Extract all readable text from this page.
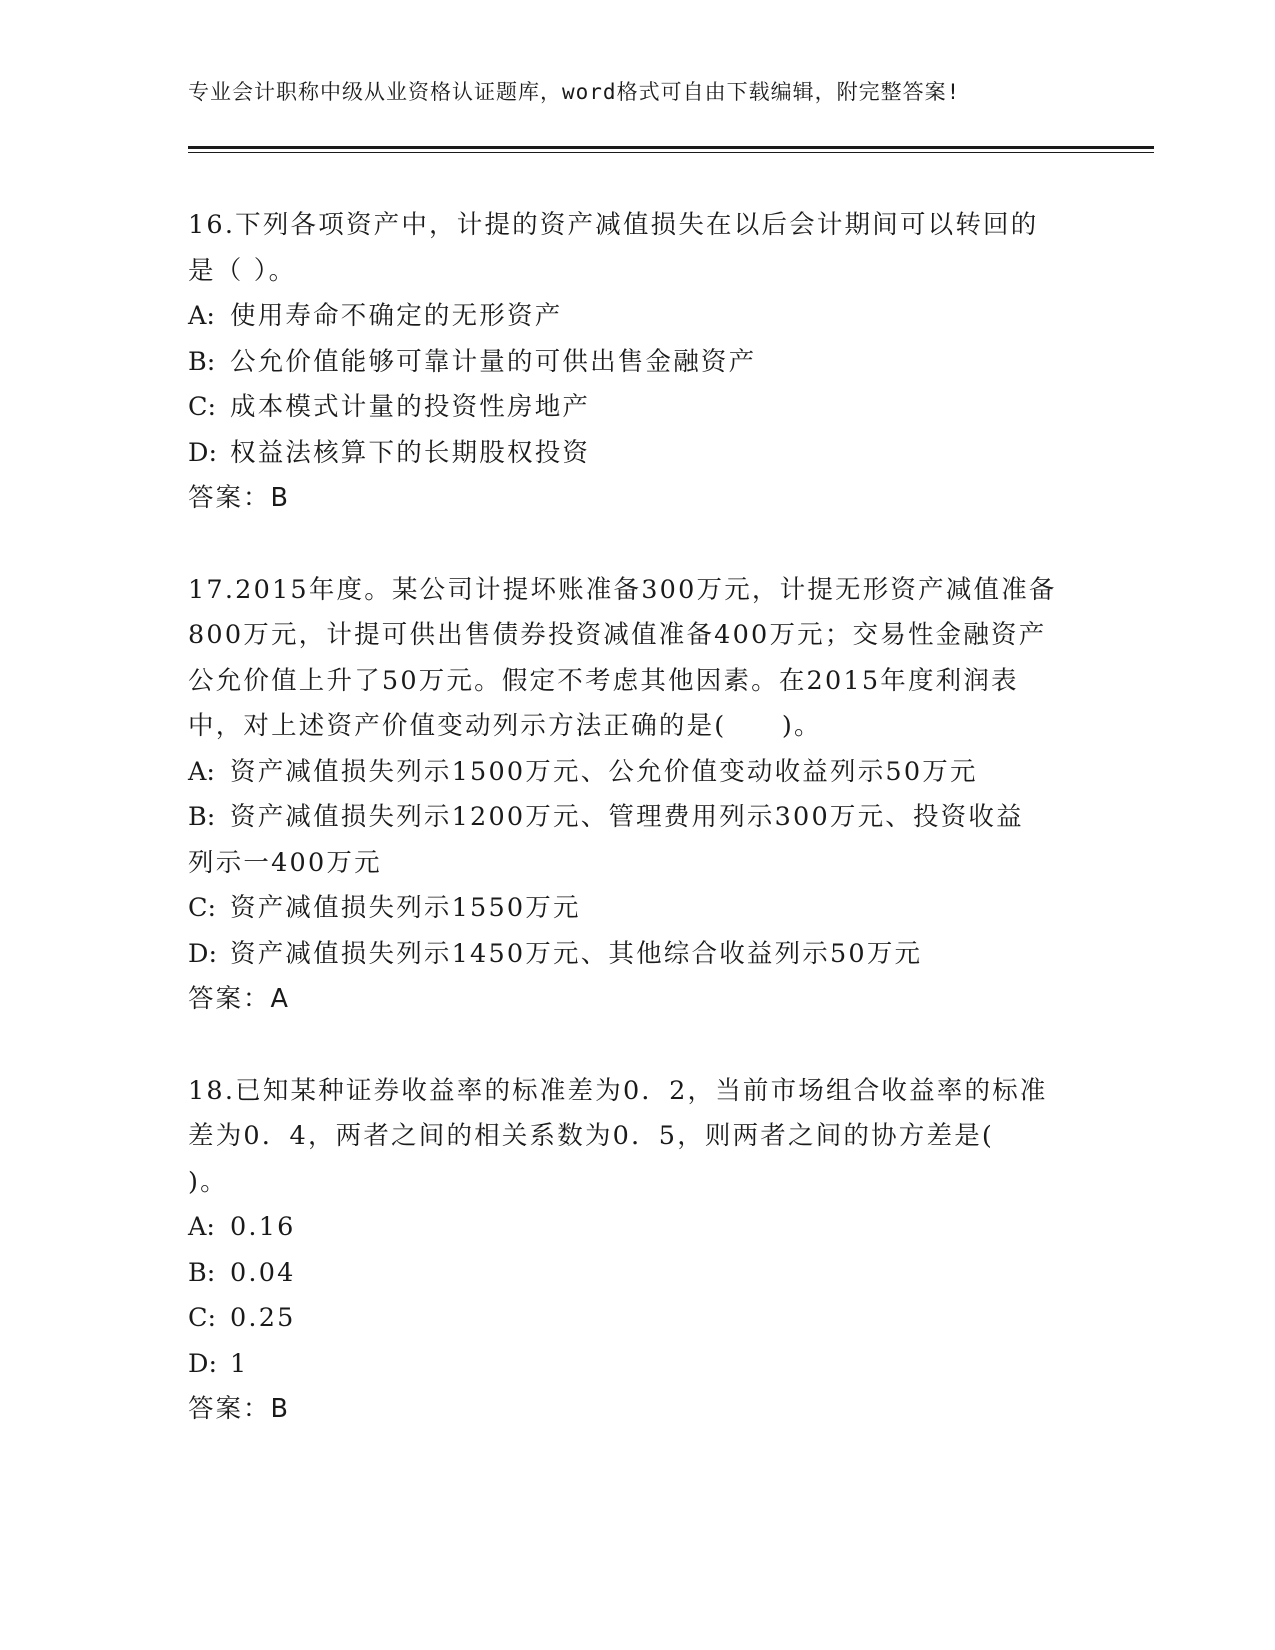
专业会计职称中级从业资格认证题库，word格式可自由下载编辑，附完整答案!
16.下列各项资产中，计提的资产减值损失在以后会计期间可以转回的
是（ ）。
A: 使用寿命不确定的无形资产
B: 公允价值能够可靠计量的可供出售金融资产
C: 成本模式计量的投资性房地产
D: 权益法核算下的长期股权投资
答案：B
17.2015年度。某公司计提坏账准备300万元，计提无形资产减值准备
800万元，计提可供出售债券投资减值准备400万元；交易性金融资产
公允价值上升了50万元。假定不考虑其他因素。在2015年度利润表
中，对上述资产价值变动列示方法正确的是(　　)。
A: 资产减值损失列示1500万元、公允价值变动收益列示50万元
B: 资产减值损失列示1200万元、管理费用列示300万元、投资收益
列示一400万元
C: 资产减值损失列示1550万元
D: 资产减值损失列示1450万元、其他综合收益列示50万元
答案：A
18.已知某种证券收益率的标准差为0．2，当前市场组合收益率的标准
差为0．4，两者之间的相关系数为0．5，则两者之间的协方差是(
)。
A: 0.16
B: 0.04
C: 0.25
D: 1
答案：B
